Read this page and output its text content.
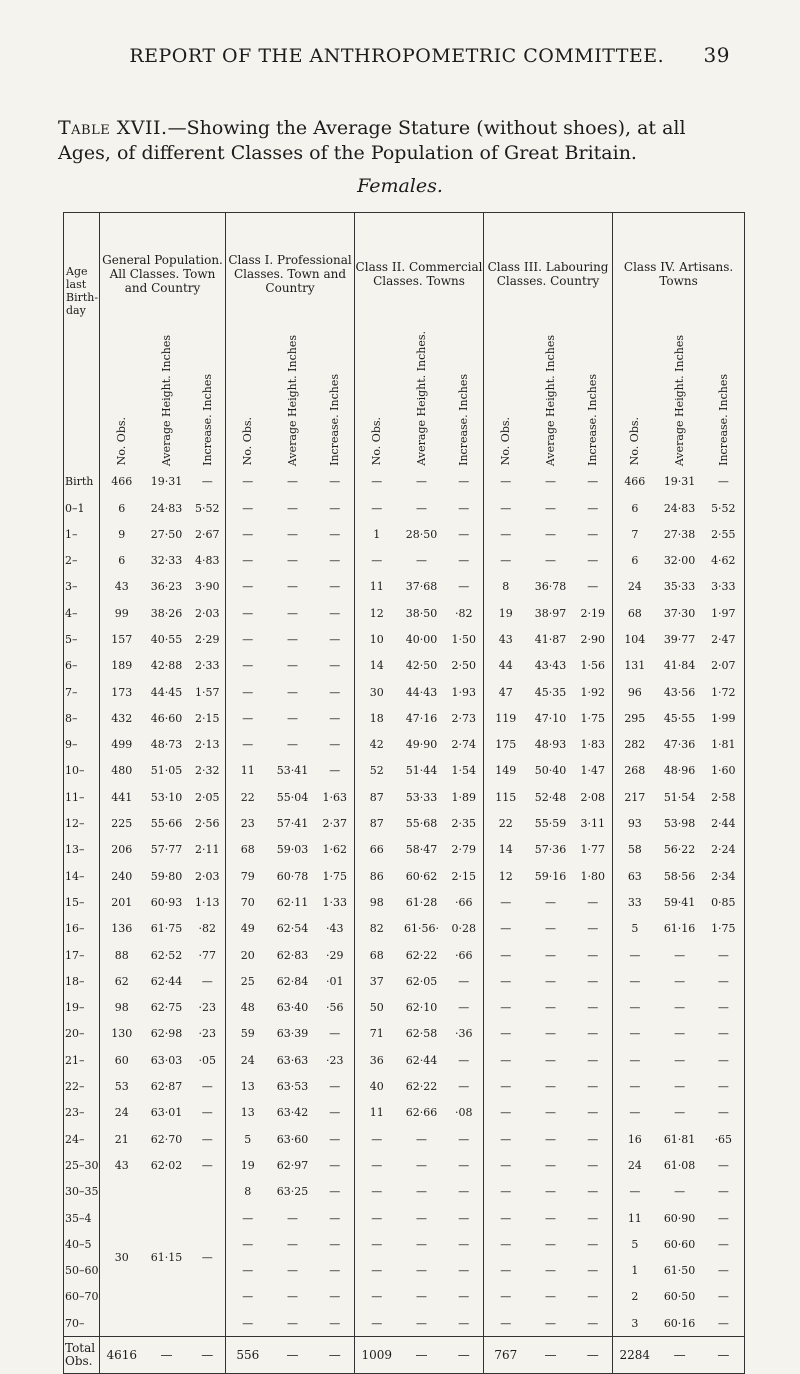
REPORT OF THE ANTHROPOMETRIC COMMITTEE.	39
Table XVII.—Showing the Average Stature (without shoes), at all Ages, of different Classes of the Population of Great Britain.
Females.
Age last Birth-day	General Population. All Classes. Town and Country			Class I. Professional Classes. Town and Country			Class II. Commercial Classes. Towns			Class III. Labouring Classes. Country			Class IV. Artisans. Towns		
	No. Obs.	Average Height. Inches	Increase. Inches	No. Obs.	Average Height. Inches	Increase. Inches	No. Obs.	Average Height. Inches.	Increase. Inches	No. Obs.	Average Height. Inches	Increase. Inches	No. Obs.	Average Height. Inches	Increase. Inches
Birth	466	19·31	—	—	—	—	—	—	—	—	—	—	466	19·31	—
0–1	6	24·83	5·52	—	—	—	—	—	—	—	—	—	6	24·83	5·52
1–	9	27·50	2·67	—	—	—	1	28·50	—	—	—	—	7	27·38	2·55
2–	6	32·33	4·83	—	—	—	—	—	—	—	—	—	6	32·00	4·62
3–	43	36·23	3·90	—	—	—	11	37·68	—	8	36·78	—	24	35·33	3·33
4–	99	38·26	2·03	—	—	—	12	38·50	·82	19	38·97	2·19	68	37·30	1·97
5–	157	40·55	2·29	—	—	—	10	40·00	1·50	43	41·87	2·90	104	39·77	2·47
6–	189	42·88	2·33	—	—	—	14	42·50	2·50	44	43·43	1·56	131	41·84	2·07
7–	173	44·45	1·57	—	—	—	30	44·43	1·93	47	45·35	1·92	96	43·56	1·72
8–	432	46·60	2·15	—	—	—	18	47·16	2·73	119	47·10	1·75	295	45·55	1·99
9–	499	48·73	2·13	—	—	—	42	49·90	2·74	175	48·93	1·83	282	47·36	1·81
10–	480	51·05	2·32	11	53·41	—	52	51·44	1·54	149	50·40	1·47	268	48·96	1·60
11–	441	53·10	2·05	22	55·04	1·63	87	53·33	1·89	115	52·48	2·08	217	51·54	2·58
12–	225	55·66	2·56	23	57·41	2·37	87	55·68	2·35	22	55·59	3·11	93	53·98	2·44
13–	206	57·77	2·11	68	59·03	1·62	66	58·47	2·79	14	57·36	1·77	58	56·22	2·24
14–	240	59·80	2·03	79	60·78	1·75	86	60·62	2·15	12	59·16	1·80	63	58·56	2·34
15–	201	60·93	1·13	70	62·11	1·33	98	61·28	·66	—	—	—	33	59·41	0·85
16–	136	61·75	·82	49	62·54	·43	82	61·56·	0·28	—	—	—	5	61·16	1·75
17–	88	62·52	·77	20	62·83	·29	68	62·22	·66	—	—	—	—	—	—
18–	62	62·44	—	25	62·84	·01	37	62·05	—	—	—	—	—	—	—
19–	98	62·75	·23	48	63·40	·56	50	62·10	—	—	—	—	—	—	—
20–	130	62·98	·23	59	63·39	—	71	62·58	·36	—	—	—	—	—	—
21–	60	63·03	·05	24	63·63	·23	36	62·44	—	—	—	—	—	—	—
22–	53	62·87	—	13	63·53	—	40	62·22	—	—	—	—	—	—	—
23–	24	63·01	—	13	63·42	—	11	62·66	·08	—	—	—	—	—	—
24–	21	62·70	—	5	63·60	—	—	—	—	—	—	—	16	61·81	·65
25–30	43	62·02	—	19	62·97	—	—	—	—	—	—	—	24	61·08	—
30–35	30	61·15	—	8	63·25	—	—	—	—	—	—	—	—	—	—
35–4				—	—	—	—	—	—	—	—	—	11	60·90	—
40–5				—	—	—	—	—	—	—	—	—	5	60·60	—
50–60				—	—	—	—	—	—	—	—	—	1	61·50	—
60–70				—	—	—	—	—	—	—	—	—	2	60·50	—
70–				—	—	—	—	—	—	—	—	—	3	60·16	—
Total Obs.	4616	—	—	556	—	—	1009	—	—	767	—	—	2284	—	—
